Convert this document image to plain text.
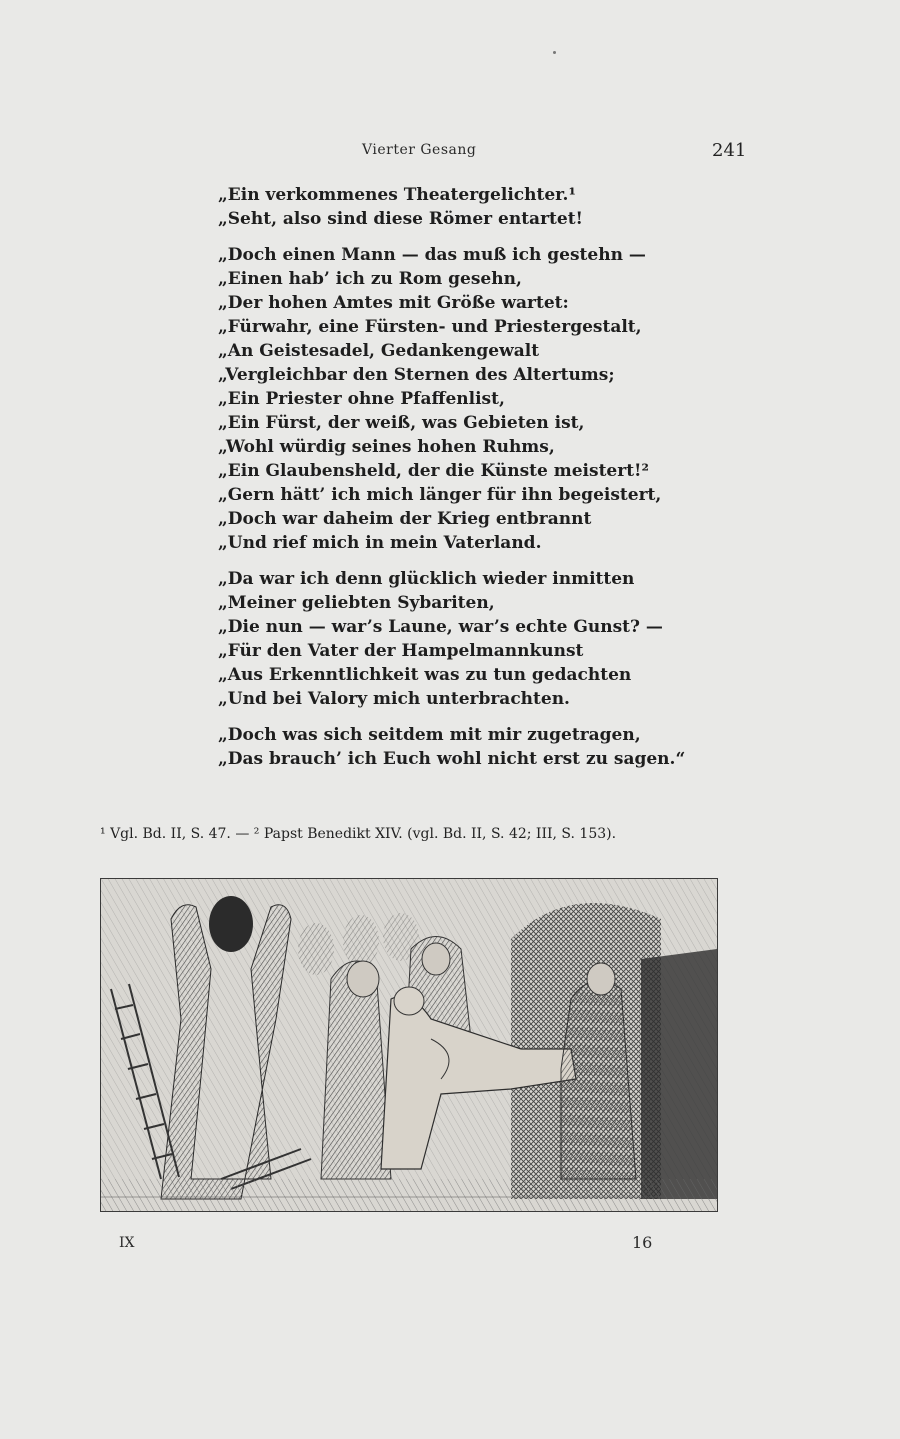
Vierter Gesang	241
„Ein verkommenes Theatergelichter.¹
„Seht, also sind diese Römer entartet!
„Doch einen Mann — das muß ich gestehn —
„Einen hab’ ich zu Rom gesehn,
„Der hohen Amtes mit Größe wartet:
„Fürwahr, eine Fürsten- und Priestergestalt,
„An Geistesadel, Gedankengewalt
„Vergleichbar den Sternen des Altertums;
„Ein Priester ohne Pfaffenlist,
„Ein Fürst, der weiß, was Gebieten ist,
„Wohl würdig seines hohen Ruhms,
„Ein Glaubensheld, der die Künste meistert!²
„Gern hätt’ ich mich länger für ihn begeistert,
„Doch war daheim der Krieg entbrannt
„Und rief mich in mein Vaterland.
„Da war ich denn glücklich wieder inmitten
„Meiner geliebten Sybariten,
„Die nun — war’s Laune, war’s echte Gunst? —
„Für den Vater der Hampelmannkunst
„Aus Erkenntlichkeit was zu tun gedachten
„Und bei Valory mich unterbrachten.
„Doch was sich seitdem mit mir zugetragen,
„Das brauch’ ich Euch wohl nicht erst zu sagen.“
¹ Vgl. Bd. II, S. 47. — ² Papst Benedikt XIV. (vgl. Bd. II, S. 42; III, S. 153).
IX	16
